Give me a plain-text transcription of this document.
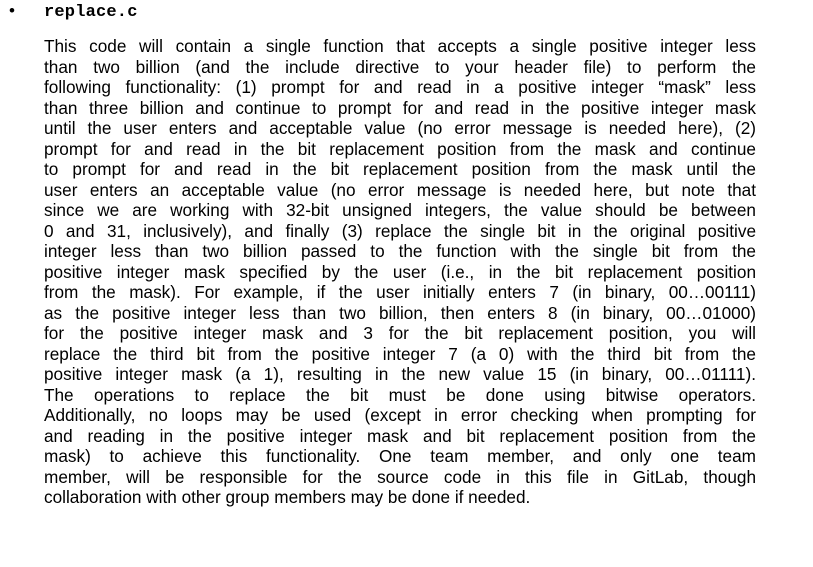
• replace.c
This code will contain a single function that accepts a single positive integer less
than two billion (and the include directive to your header file) to perform the
following functionality: (1) prompt for and read in a positive integer “mask” less
than three billion and continue to prompt for and read in the positive integer mask
until the user enters and acceptable value (no error message is needed here), (2)
prompt for and read in the bit replacement position from the mask and continue
to prompt for and read in the bit replacement position from the mask until the
user enters an acceptable value (no error message is needed here, but note that
since we are working with 32-bit unsigned integers, the value should be between
0 and 31, inclusively), and finally (3) replace the single bit in the original positive
integer less than two billion passed to the function with the single bit from the
positive integer mask specified by the user (i.e., in the bit replacement position
from the mask). For example, if the user initially enters 7 (in binary, 00…00111)
as the positive integer less than two billion, then enters 8 (in binary, 00…01000)
for the positive integer mask and 3 for the bit replacement position, you will
replace the third bit from the positive integer 7 (a 0) with the third bit from the
positive integer mask (a 1), resulting in the new value 15 (in binary, 00…01111).
The operations to replace the bit must be done using bitwise operators.
Additionally, no loops may be used (except in error checking when prompting for
and reading in the positive integer mask and bit replacement position from the
mask) to achieve this functionality. One team member, and only one team
member, will be responsible for the source code in this file in GitLab, though
collaboration with other group members may be done if needed.
